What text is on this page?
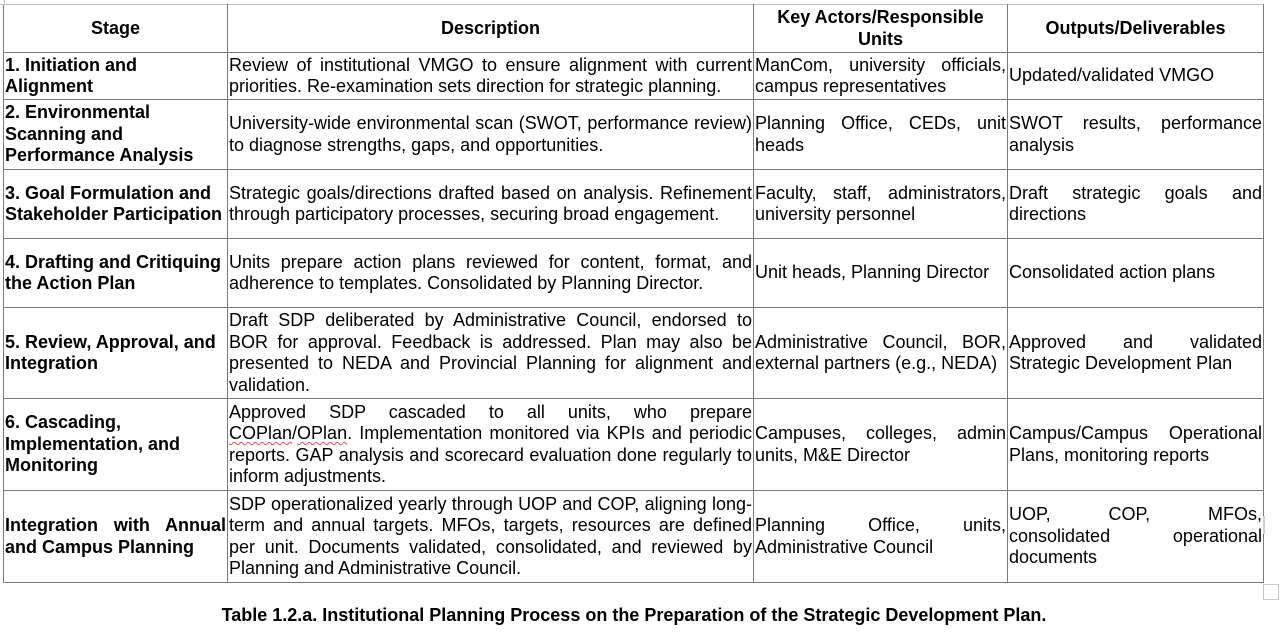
Stage	Description	Key Actors/Responsible Units	Outputs/Deliverables
1. Initiation and Alignment	Review of institutional VMGO to ensure alignment with current priorities. Re-examination sets direction for strategic planning.	ManCom, university officials, campus representatives	Updated/validated VMGO
2. Environmental Scanning and Performance Analysis	University-wide environmental scan (SWOT, performance review) to diagnose strengths, gaps, and opportunities.	Planning Office, CEDs, unit heads	SWOT results, performance analysis
3. Goal Formulation and Stakeholder Participation	Strategic goals/directions drafted based on analysis. Refinement through participatory processes, securing broad engagement.	Faculty, staff, administrators, university personnel	Draft strategic goals and directions
4. Drafting and Critiquing the Action Plan	Units prepare action plans reviewed for content, format, and adherence to templates. Consolidated by Planning Director.	Unit heads, Planning Director	Consolidated action plans
5. Review, Approval, and Integration	Draft SDP deliberated by Administrative Council, endorsed to BOR for approval. Feedback is addressed. Plan may also be presented to NEDA and Provincial Planning for alignment and validation.	Administrative Council, BOR, external partners (e.g., NEDA)	Approved and validated Strategic Development Plan
6. Cascading, Implementation, and Monitoring	Approved SDP cascaded to all units, who prepare COPlan/OPlan. Implementation monitored via KPIs and periodic reports. GAP analysis and scorecard evaluation done regularly to inform adjustments.	Campuses, colleges, admin units, M&E Director	Campus/Campus Operational Plans, monitoring reports
Integration with Annual and Campus Planning	SDP operationalized yearly through UOP and COP, aligning long-term and annual targets. MFOs, targets, resources are defined per unit. Documents validated, consolidated, and reviewed by Planning and Administrative Council.	Planning Office, units, Administrative Council	UOP, COP, MFOs, consolidated operational documents
Table 1.2.a. Institutional Planning Process on the Preparation of the Strategic Development Plan.
